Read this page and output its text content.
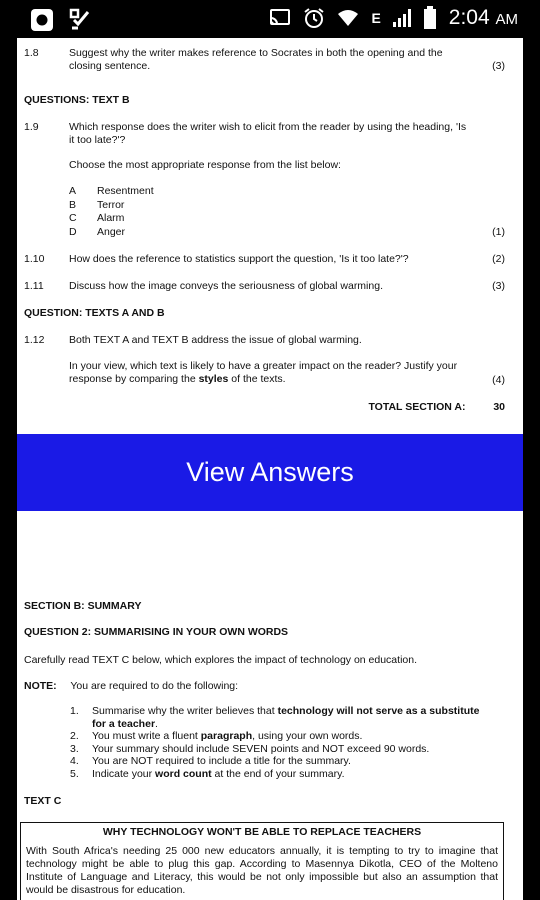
E	2:04 AM
1.8	Suggest why the writer makes reference to Socrates in both the opening and the closing sentence.	(3)
QUESTIONS: TEXT B
1.9	Which response does the writer wish to elicit from the reader by using the heading, 'Is it too late?'?
Choose the most appropriate response from the list below:
A Resentment
B Terror
C Alarm
D Anger	(1)
1.10 How does the reference to statistics support the question, 'Is it too late?'?	(2)
1.11 Discuss how the image conveys the seriousness of global warming.	(3)
QUESTION: TEXTS A AND B
1.12 Both TEXT A and TEXT B address the issue of global warming.
In your view, which text is likely to have a greater impact on the reader? Justify your response by comparing the styles of the texts.	(4)
TOTAL SECTION A:	30
View Answers
SECTION B: SUMMARY
QUESTION 2: SUMMARISING IN YOUR OWN WORDS
Carefully read TEXT C below, which explores the impact of technology on education.
NOTE: You are required to do the following:
1. Summarise why the writer believes that technology will not serve as a substitute for a teacher.
2. You must write a fluent paragraph, using your own words.
3. Your summary should include SEVEN points and NOT exceed 90 words.
4. You are NOT required to include a title for the summary.
5. Indicate your word count at the end of your summary.
TEXT C
WHY TECHNOLOGY WON'T BE ABLE TO REPLACE TEACHERS
With South Africa's needing 25 000 new educators annually, it is tempting to try to imagine that technology might be able to plug this gap. According to Masennya Dikotla, CEO of the Molteno Institute of Language and Literacy, this would be not only impossible but also an assumption that would be disastrous for education.
